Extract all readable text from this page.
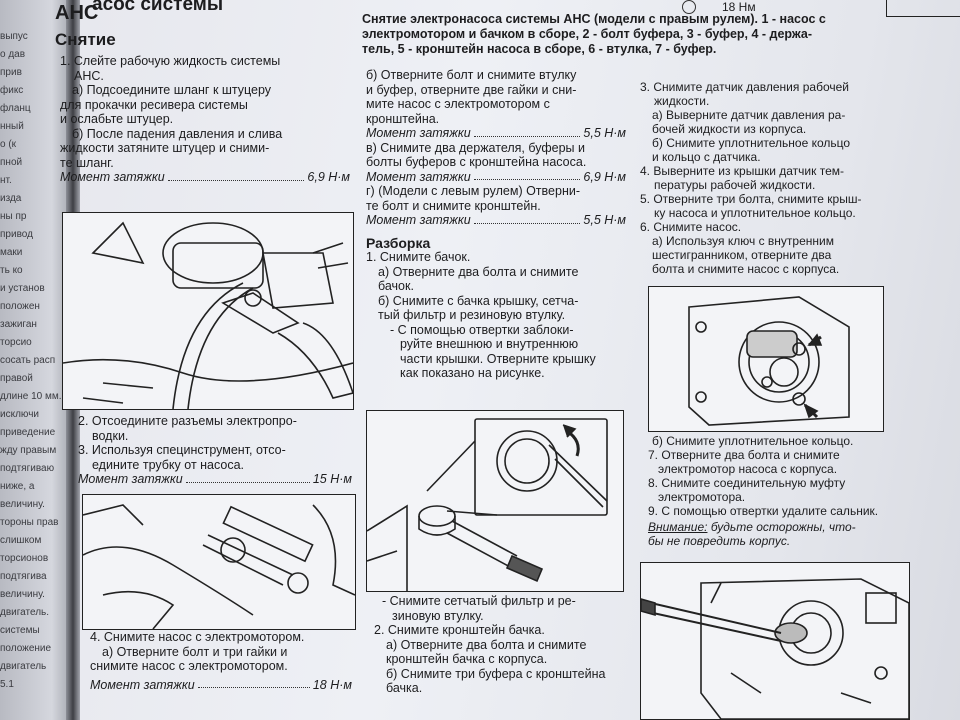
выпус
о дав
прив
фикс
фланц
нный
о (к
пной
нт.
изда
ны пр
привод
маки
ть ко
и установ
положен
зажиган
торсио
сосать расп
правой
длине 10 мм.
исключи
приведение
жду правым
подтягиваю
ниже, а
величину.
тороны прав
слишком
торсионов
подтягива
величину.
двигатель.
системы
положение
двигатель
5.1
асос системы
АНС
Снятие
18 Нм

Снятие электронасоса системы АНС (модели с правым рулем). 1 - насос с

электромотором и бачком в сборе, 2 - болт буфера, 3 - буфер, 4 - держа-

тель, 5 - кронштейн насоса в сборе, 6 - втулка, 7 - буфер.

1. Слейте рабочую жидкость системы

АНС.

а) Подсоедините шланг к штуцеру

для прокачки ресивера системы

и ослабьте штуцер.

б) После падения давления и слива

жидкости затяните штуцер и сними-

те шланг.

Момент затяжки	6,9 Н·м

2. Отсоедините разъемы электропро-

водки.

3. Используя специнструмент, отсо-

едините трубку от насоса.

Момент затяжки	15 Н·м

4. Снимите насос с электромотором.

а) Отверните болт и три гайки и

снимите насос с электромотором.

Момент затяжки	18 Н·м

б) Отверните болт и снимите втулку

и буфер, отверните две гайки и сни-

мите насос с электромотором с

кронштейна.

Момент затяжки	5,5 Н·м

в) Снимите два держателя, буферы и

болты буферов с кронштейна насоса.

Момент затяжки	6,9 Н·м

г) (Модели с левым рулем) Отверни-

те болт и снимите кронштейн.

Момент затяжки	5,5 Н·м

Разборка

1. Снимите бачок.

а) Отверните два болта и снимите

бачок.

б) Снимите с бачка крышку, сетча-

тый фильтр и резиновую втулку.

- С помощью отвертки заблоки-

руйте внешнюю и внутреннюю

части крышки. Отверните крышку

как показано на рисунке.

- Снимите сетчатый фильтр и ре-

зиновую втулку.

2. Снимите кронштейн бачка.

а) Отверните два болта и снимите

кронштейн бачка с корпуса.

б) Снимите три буфера с кронштейна

бачка.

3. Снимите датчик давления рабочей

жидкости.

а) Выверните датчик давления ра-

бочей жидкости из корпуса.

б) Снимите уплотнительное кольцо

и кольцо с датчика.

4. Выверните из крышки датчик тем-

пературы рабочей жидкости.

5. Отверните три болта, снимите крыш-

ку насоса и уплотнительное кольцо.

6. Снимите насос.

а) Используя ключ с внутренним

шестигранником, отверните два

болта и снимите насос с корпуса.

б) Снимите уплотнительное кольцо.

7. Отверните два болта и снимите

электромотор насоса с корпуса.

8. Снимите соединительную муфту

электромотора.

9. С помощью отвертки удалите сальник.

Внимание: будьте осторожны, что-

бы не повредить корпус.
